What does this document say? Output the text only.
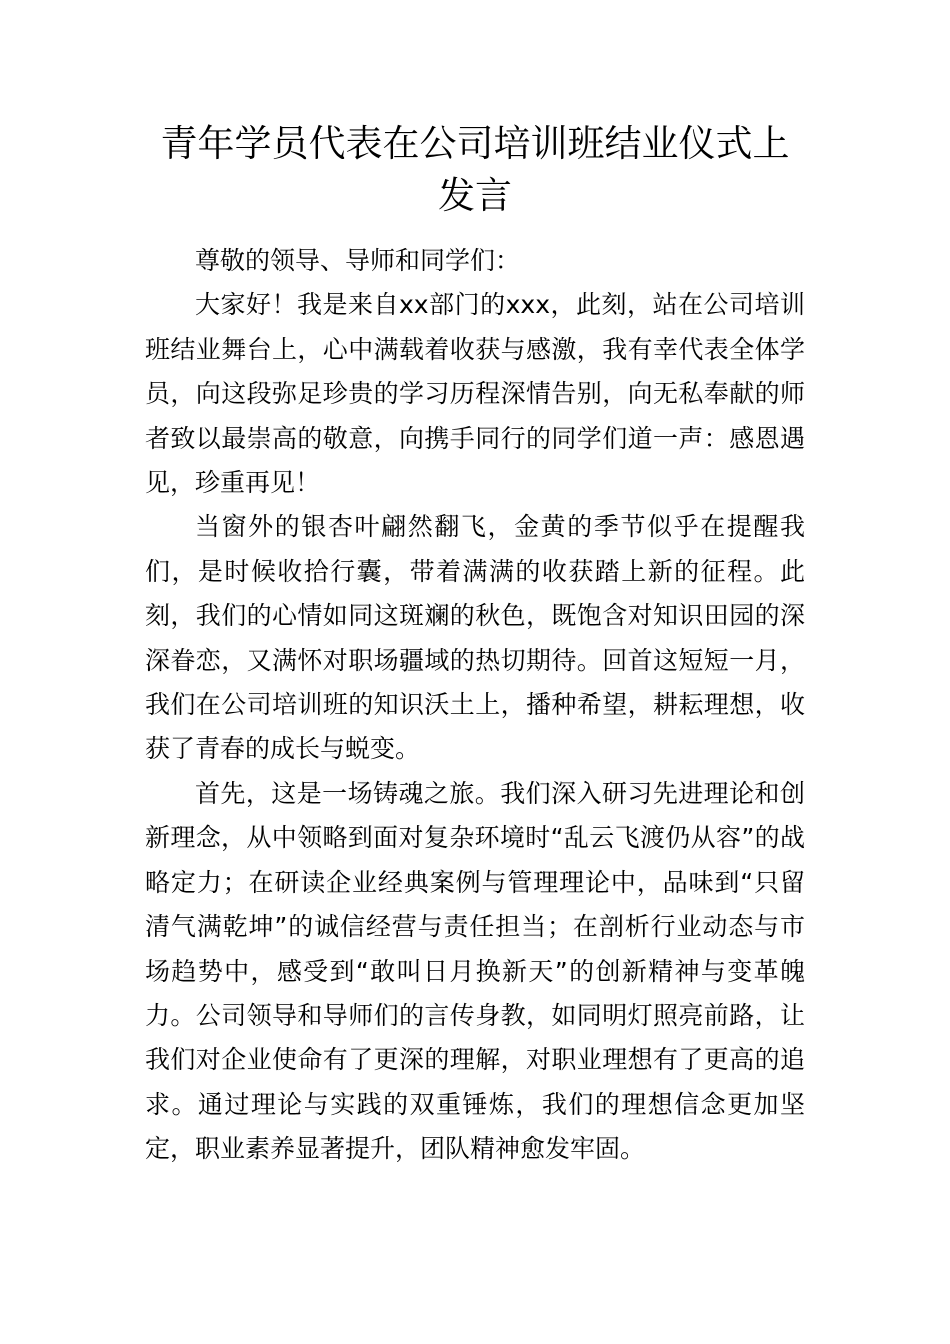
青年学员代表在公司培训班结业仪式上发言

尊敬的领导、导师和同学们：

大家好！我是来自xx部门的xxx，此刻，站在公司培训班结业舞台上，心中满载着收获与感激，我有幸代表全体学员，向这段弥足珍贵的学习历程深情告别，向无私奉献的师者致以最崇高的敬意，向携手同行的同学们道一声：感恩遇见，珍重再见！

当窗外的银杏叶翩然翻飞，金黄的季节似乎在提醒我们，是时候收拾行囊，带着满满的收获踏上新的征程。此刻，我们的心情如同这斑斓的秋色，既饱含对知识田园的深深眷恋，又满怀对职场疆域的热切期待。回首这短短一月，我们在公司培训班的知识沃土上，播种希望，耕耘理想，收获了青春的成长与蜕变。

首先，这是一场铸魂之旅。我们深入研习先进理论和创新理念，从中领略到面对复杂环境时“乱云飞渡仍从容”的战略定力；在研读企业经典案例与管理理论中，品味到“只留清气满乾坤”的诚信经营与责任担当；在剖析行业动态与市场趋势中，感受到“敢叫日月换新天”的创新精神与变革魄力。公司领导和导师们的言传身教，如同明灯照亮前路，让我们对企业使命有了更深的理解，对职业理想有了更高的追求。通过理论与实践的双重锤炼，我们的理想信念更加坚定，职业素养显著提升，团队精神愈发牢固。
